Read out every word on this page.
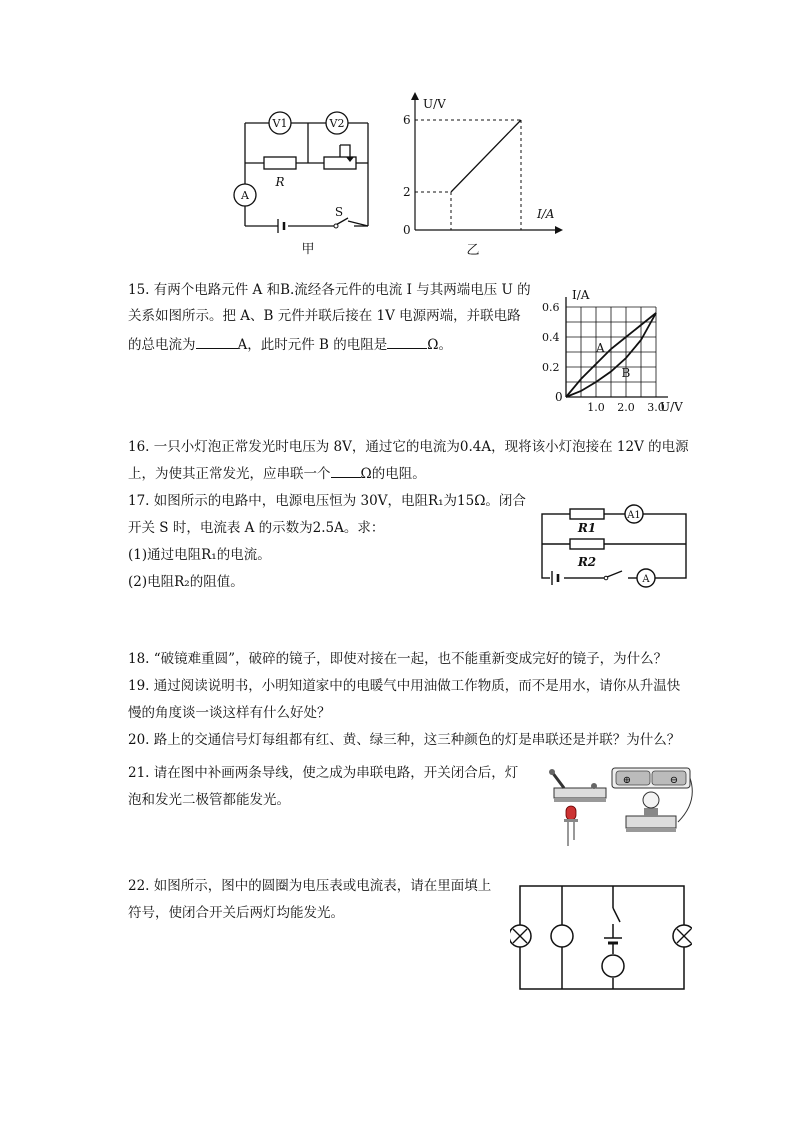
V1	V2
A
R
S
甲
U/V
I/A
0
6
2
乙
15. 有两个电路元件 A 和B.流经各元件的电流 I 与其两端电压 U 的
关系如图所示。把 A、B 元件并联后接在 1V 电源两端，并联电路
的总电流为	A，此时元件 B 的电阻是	Ω。	A
B
I/A
U/V
0
0.6
0.4
0.2
1.0 2.0 3.0
16. 一只小灯泡正常发光时电压为 8V，通过它的电流为0.4A，现将该小灯泡接在 12V 的电源
上，为使其正常发光，应串联一个 Ω的电阻。
17. 如图所示的电路中，电源电压恒为 30V，电阻R₁为15Ω。闭合
开关 S 时，电流表 A 的示数为2.5A。求：
(1)通过电阻R₁的电流。
(2)电阻R₂的阻值。
R1
R2
A1
A
18. “破镜难重圆”，破碎的镜子，即使对接在一起，也不能重新变成完好的镜子，为什么？
19. 通过阅读说明书，小明知道家中的电暖气中用油做工作物质，而不是用水，请你从升温快
慢的角度谈一谈这样有什么好处？
20. 路上的交通信号灯每组都有红、黄、绿三种，这三种颜色的灯是串联还是并联？为什么？
21. 请在图中补画两条导线，使之成为串联电路，开关闭合后，灯
泡和发光二极管都能发光。
⊕	⊖
22. 如图所示，图中的圆圈为电压表或电流表，请在里面填上
符号，使闭合开关后两灯均能发光。
